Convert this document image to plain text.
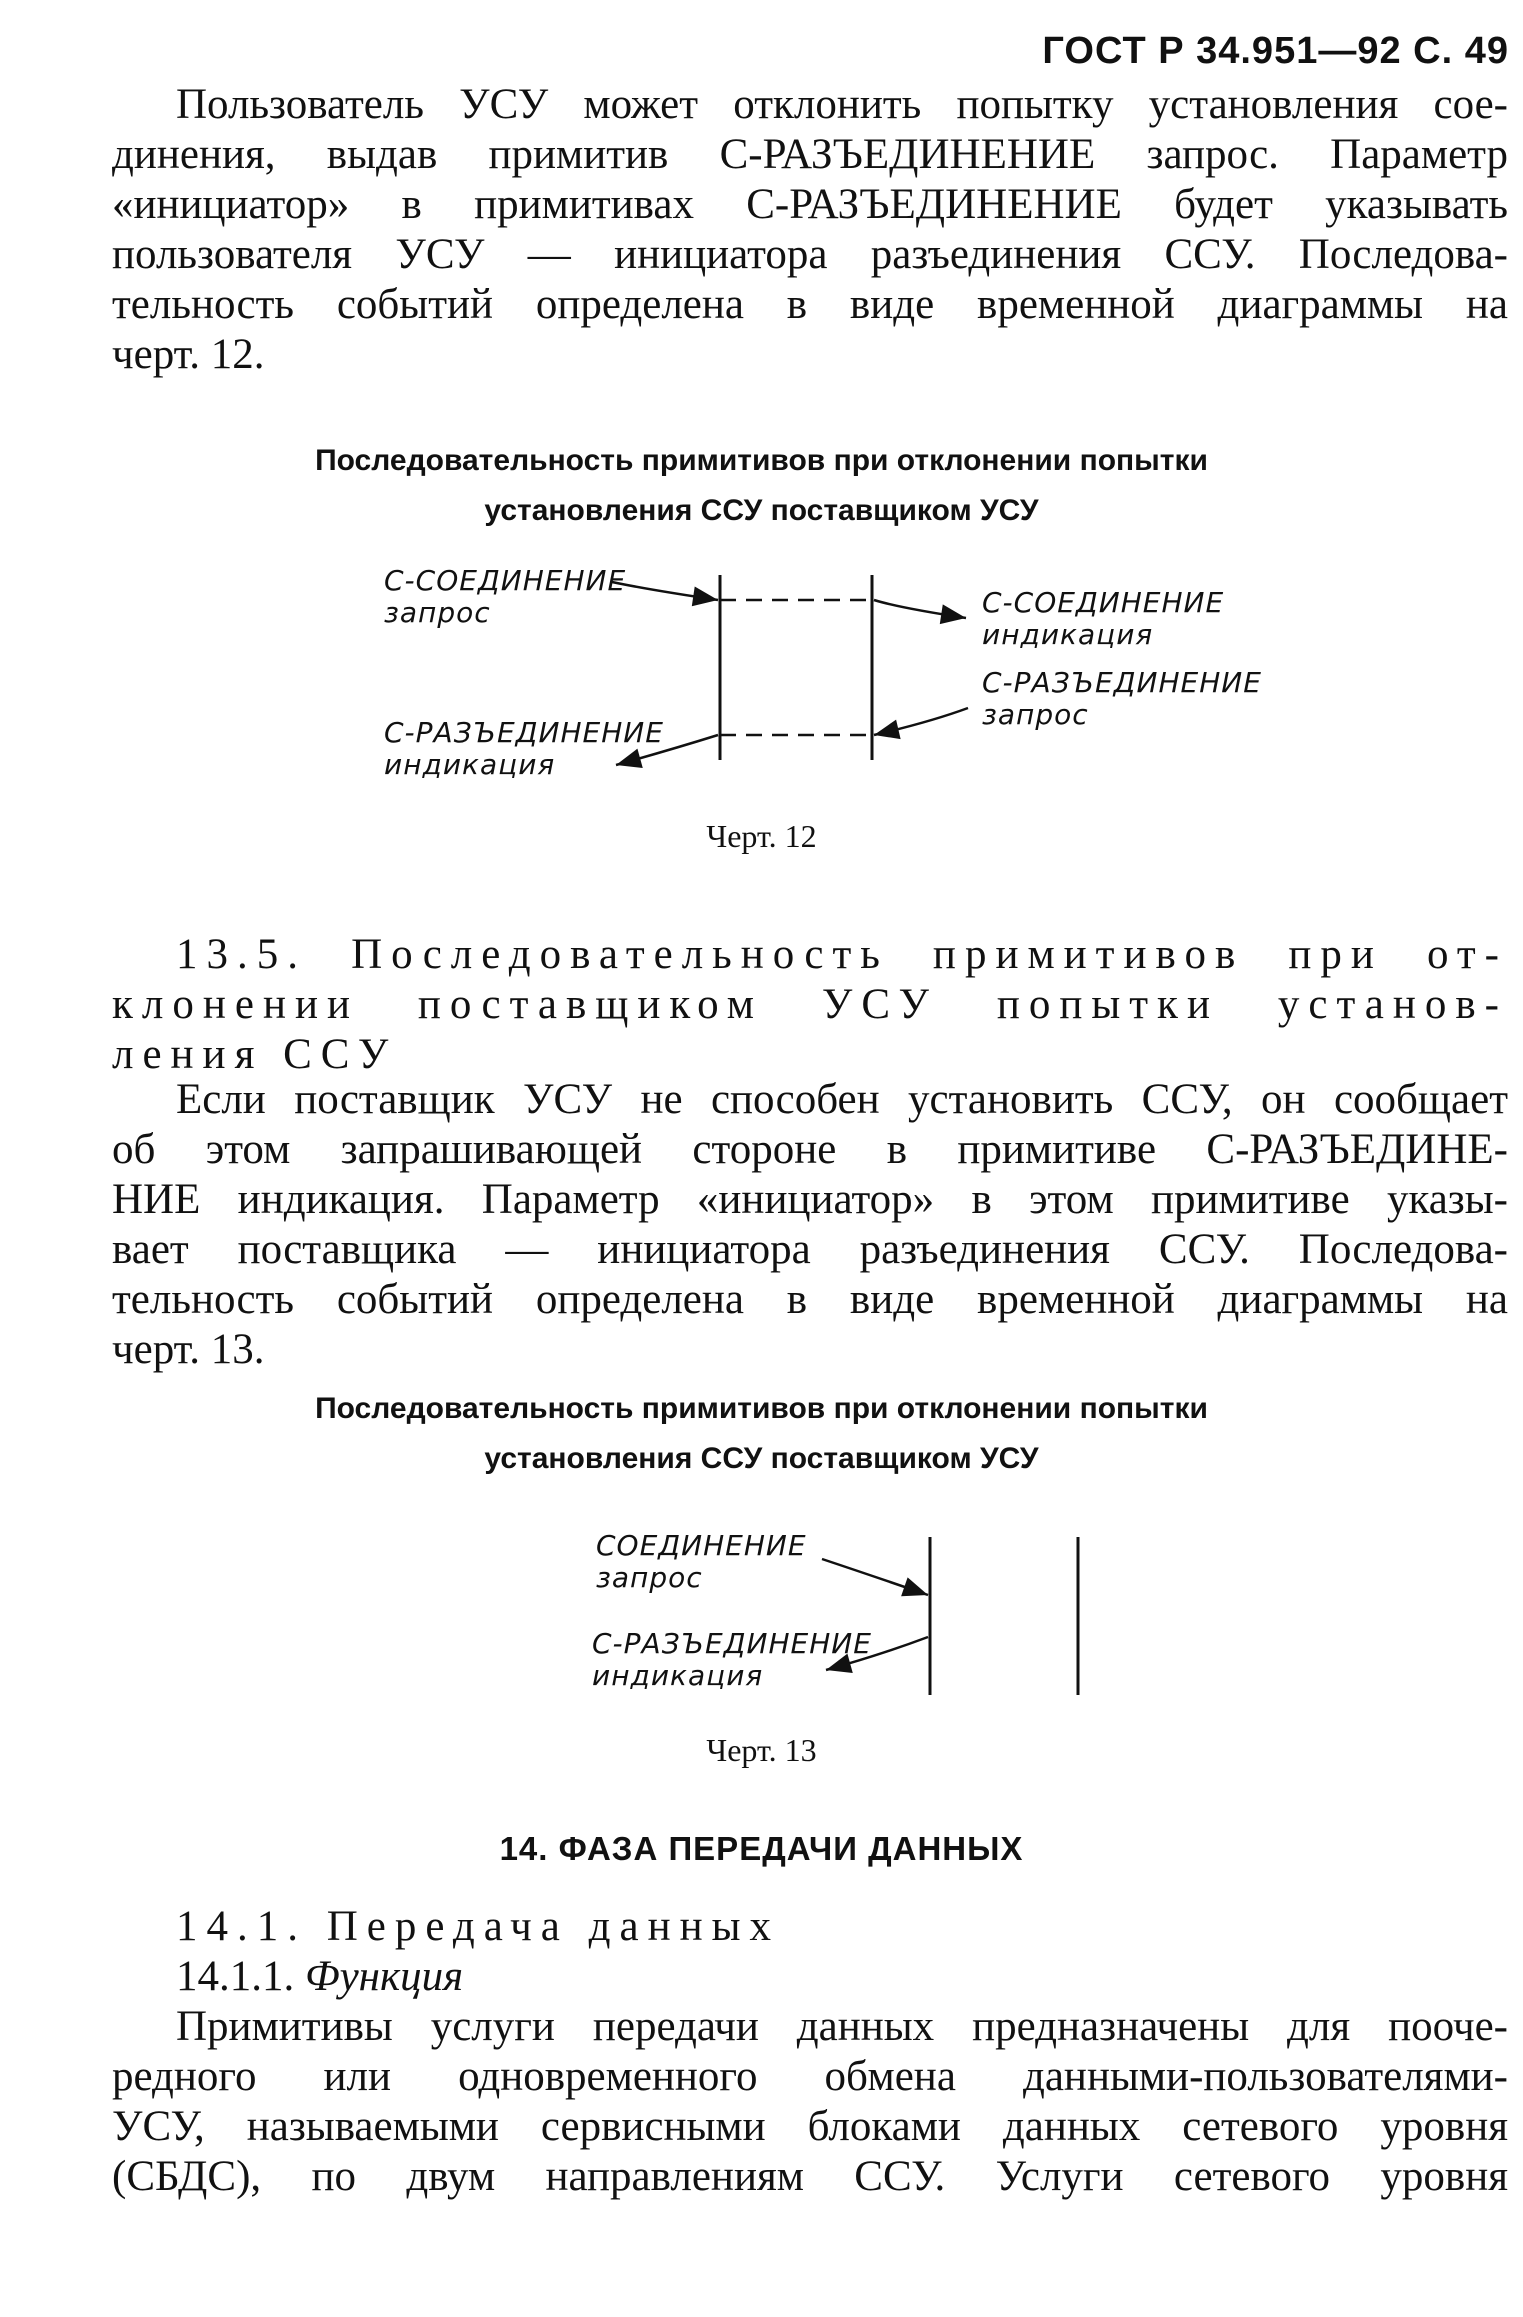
ГОСТ Р 34.951—92 С. 49
Пользователь УСУ может отклонить попытку установления сое-
динения, выдав примитив С-РАЗЪЕДИНЕНИЕ запрос. Параметр
«инициатор» в примитивах С-РАЗЪЕДИНЕНИЕ будет указывать
пользователя УСУ — инициатора разъединения ССУ. Последова-
тельность событий определена в виде временной диаграммы на
черт. 12.
Последовательность примитивов при отклонении попытки
установления ССУ поставщиком УСУ
С-СОЕДИНЕНИЕ
запрос
С-РАЗЪЕДИНЕНИЕ
индикация
С-СОЕДИНЕНИЕ
индикация
С-РАЗЪЕДИНЕНИЕ
запрос
Черт. 12
13.5. Последовательность примитивов при от-
клонении поставщиком УСУ попытки установ-
ления ССУ
Если поставщик УСУ не способен установить ССУ, он сообщает
об этом запрашивающей стороне в примитиве С-РАЗЪЕДИНЕ-
НИЕ индикация. Параметр «инициатор» в этом примитиве указы-
вает поставщика — инициатора разъединения ССУ. Последова-
тельность событий определена в виде временной диаграммы на
черт. 13.
Последовательность примитивов при отклонении попытки
установления ССУ поставщиком УСУ
СОЕДИНЕНИЕ
запрос
С-РАЗЪЕДИНЕНИЕ
индикация
Черт. 13
14. ФАЗА ПЕРЕДАЧИ ДАННЫХ
14.1. Передача данных
14.1.1. Функция
Примитивы услуги передачи данных предназначены для пооче-
редного или одновременного обмена данными-пользователями-
УСУ, называемыми сервисными блоками данных сетевого уровня
(СБДС), по двум направлениям ССУ. Услуги сетевого уровня
